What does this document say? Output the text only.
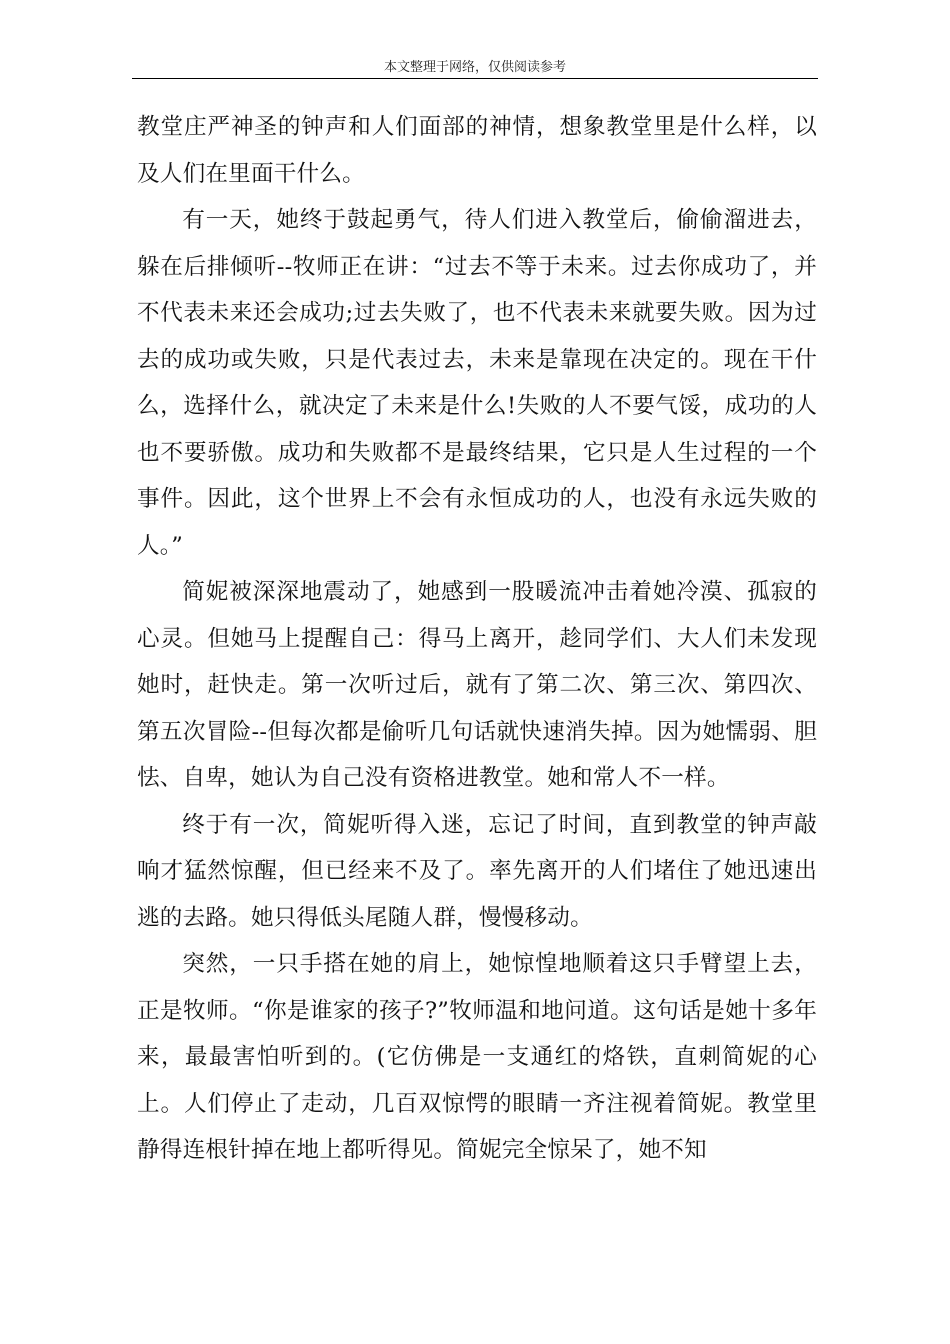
本文整理于网络，仅供阅读参考

教堂庄严神圣的钟声和人们面部的神情，想象教堂里是什么样，以及人们在里面干什么。

有一天，她终于鼓起勇气，待人们进入教堂后，偷偷溜进去，躲在后排倾听--牧师正在讲：“过去不等于未来。过去你成功了，并不代表未来还会成功;过去失败了，也不代表未来就要失败。因为过去的成功或失败，只是代表过去，未来是靠现在决定的。现在干什么，选择什么，就决定了未来是什么!失败的人不要气馁，成功的人也不要骄傲。成功和失败都不是最终结果，它只是人生过程的一个事件。因此，这个世界上不会有永恒成功的人，也没有永远失败的人。”

简妮被深深地震动了，她感到一股暖流冲击着她冷漠、孤寂的心灵。但她马上提醒自己：得马上离开，趁同学们、大人们未发现她时，赶快走。第一次听过后，就有了第二次、第三次、第四次、第五次冒险--但每次都是偷听几句话就快速消失掉。因为她懦弱、胆怯、自卑，她认为自己没有资格进教堂。她和常人不一样。

终于有一次，简妮听得入迷，忘记了时间，直到教堂的钟声敲响才猛然惊醒，但已经来不及了。率先离开的人们堵住了她迅速出逃的去路。她只得低头尾随人群，慢慢移动。

突然，一只手搭在她的肩上，她惊惶地顺着这只手臂望上去，正是牧师。“你是谁家的孩子?”牧师温和地问道。这句话是她十多年来，最最害怕听到的。(它仿佛是一支通红的烙铁，直刺简妮的心上。人们停止了走动，几百双惊愕的眼睛一齐注视着简妮。教堂里静得连根针掉在地上都听得见。简妮完全惊呆了，她不知
